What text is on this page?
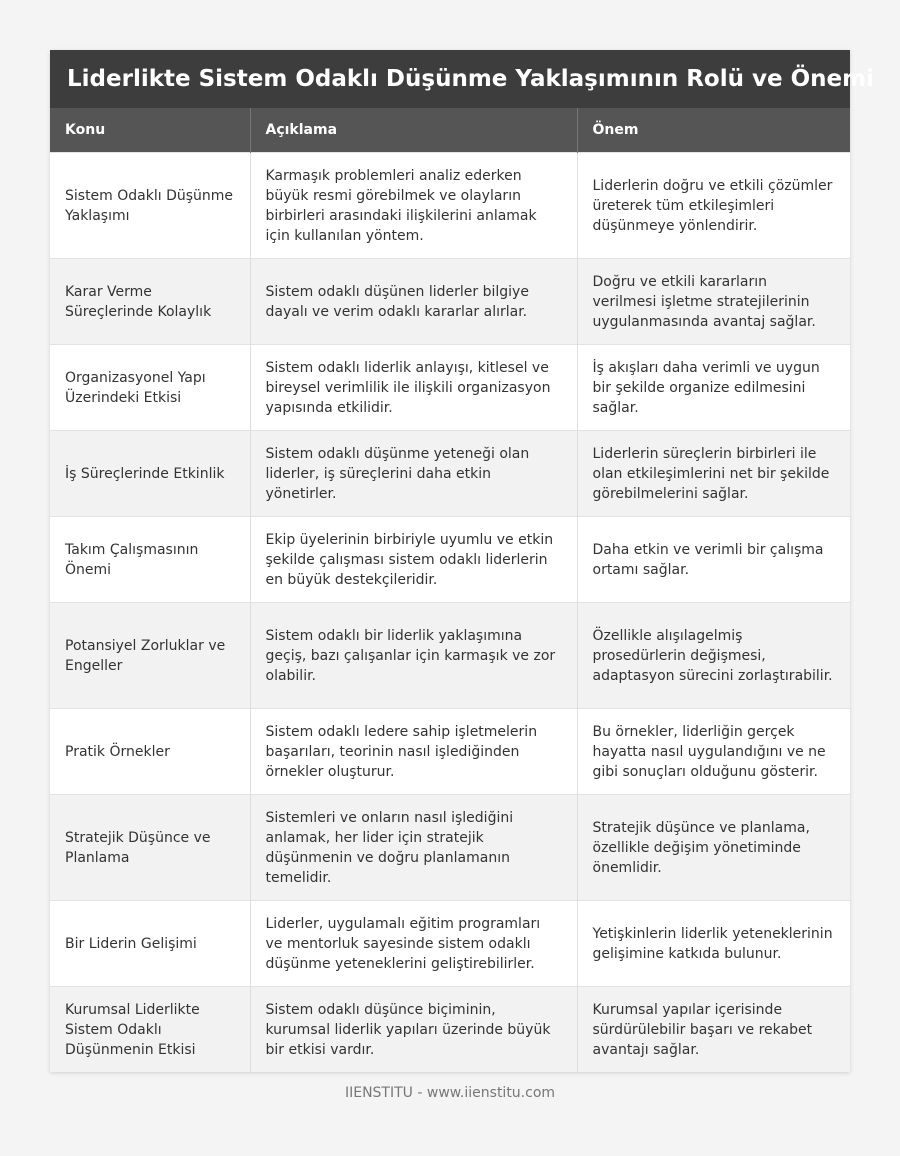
Liderlikte Sistem Odaklı Düşünme Yaklaşımının Rolü ve Önemi
Konu	Açıklama	Önem
Sistem Odaklı Düşünme Yaklaşımı	Karmaşık problemleri analiz ederken büyük resmi görebilmek ve olayların birbirleri arasındaki ilişkilerini anlamak için kullanılan yöntem.	Liderlerin doğru ve etkili çözümler üreterek tüm etkileşimleri düşünmeye yönlendirir.
Karar Verme Süreçlerinde Kolaylık	Sistem odaklı düşünen liderler bilgiye dayalı ve verim odaklı kararlar alırlar.	Doğru ve etkili kararların verilmesi işletme stratejilerinin uygulanmasında avantaj sağlar.
Organizasyonel Yapı Üzerindeki Etkisi	Sistem odaklı liderlik anlayışı, kitlesel ve bireysel verimlilik ile ilişkili organizasyon yapısında etkilidir.	İş akışları daha verimli ve uygun bir şekilde organize edilmesini sağlar.
İş Süreçlerinde Etkinlik	Sistem odaklı düşünme yeteneği olan liderler, iş süreçlerini daha etkin yönetirler.	Liderlerin süreçlerin birbirleri ile olan etkileşimlerini net bir şekilde görebilmelerini sağlar.
Takım Çalışmasının Önemi	Ekip üyelerinin birbiriyle uyumlu ve etkin şekilde çalışması sistem odaklı liderlerin en büyük destekçileridir.	Daha etkin ve verimli bir çalışma ortamı sağlar.
Potansiyel Zorluklar ve Engeller	Sistem odaklı bir liderlik yaklaşımına geçiş, bazı çalışanlar için karmaşık ve zor olabilir.	Özellikle alışılagelmiş prosedürlerin değişmesi, adaptasyon sürecini zorlaştırabilir.
Pratik Örnekler	Sistem odaklı ledere sahip işletmelerin başarıları, teorinin nasıl işlediğinden örnekler oluşturur.	Bu örnekler, liderliğin gerçek hayatta nasıl uygulandığını ve ne gibi sonuçları olduğunu gösterir.
Stratejik Düşünce ve Planlama	Sistemleri ve onların nasıl işlediğini anlamak, her lider için stratejik düşünmenin ve doğru planlamanın temelidir.	Stratejik düşünce ve planlama, özellikle değişim yönetiminde önemlidir.
Bir Liderin Gelişimi	Liderler, uygulamalı eğitim programları ve mentorluk sayesinde sistem odaklı düşünme yeteneklerini geliştirebilirler.	Yetişkinlerin liderlik yeteneklerinin gelişimine katkıda bulunur.
Kurumsal Liderlikte Sistem Odaklı Düşünmenin Etkisi	Sistem odaklı düşünce biçiminin, kurumsal liderlik yapıları üzerinde büyük bir etkisi vardır.	Kurumsal yapılar içerisinde sürdürülebilir başarı ve rekabet avantajı sağlar.
IIENSTITU - www.iienstitu.com
